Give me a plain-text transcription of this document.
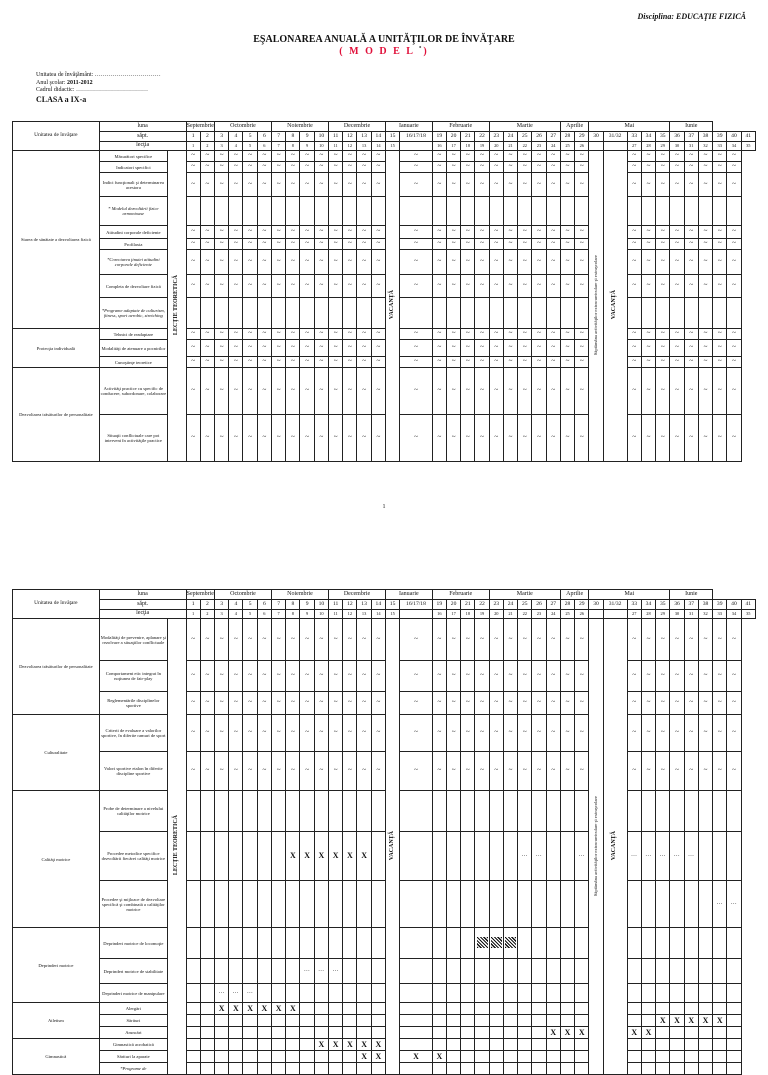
Disciplina: EDUCAŢIE FIZICĂ
EŞALONAREA ANUALĂ A UNITĂŢILOR DE ÎNVĂŢARE
( M O D E L *)
Unitatea de învăţământ: ……………………………
Anul şcolar: 2011-2012
Cadrul didactic: ………………………………
CLASA a IX-a
Unitatea de învăţare	luna		Septembrie		Octombrie				Noiembrie				Decembrie				Ianuarie		Februarie				Martie					Aprilie		Mai					Iunie					
	săpt.		1	2	3	4	5	6	7	8	9	10	11	12	13	14	15	16/17/18	19	20	21	22	23	24	25	26	27	28	29	30	31/32	33	34	35	36	37	38	39	40	41
	lecţia		1	2	3	4	5	6	7	8	9	10	11	12	13	14	15		16	17	18	19	20	21	22	23	24	25	26			27	28	29	30	31	32	33	34	35
Starea de sănătate a dezvoltarea fizică	Măsurători specifice	LECŢIE TEORETICĂ	~	~	~	~	~	~	~	~	~	~	~	~	~	~	VACANŢĂ	~	~	~	~	~	~	~	~	~	~	~	~	Săptămâna activităţilor extracurriculare şi extraşcolare	VACANŢĂ	~	~	~	~	~	~	~	~	
	Indicatori specifici		~	~	~	~	~	~	~	~	~	~	~	~	~	~		~	~	~	~	~	~	~	~	~	~	~	~			~	~	~	~	~	~	~	~	
	Indici funcţionali şi determinarea acestora		~	~	~	~	~	~	~	~	~	~	~	~	~	~		~	~	~	~	~	~	~	~	~	~	~	~			~	~	~	~	~	~	~	~	
	* Modelul dezvoltării fizice armonioase																																							
	Atitudini corporale deficiente		~	~	~	~	~	~	~	~	~	~	~	~	~	~		~	~	~	~	~	~	~	~	~	~	~	~			~	~	~	~	~	~	~	~	
	Profilaxia		~	~	~	~	~	~	~	~	~	~	~	~	~	~		~	~	~	~	~	~	~	~	~	~	~	~			~	~	~	~	~	~	~	~	
	*Corectarea ţinutei atitudini corporale deficiente		~	~	~	~	~	~	~	~	~	~	~	~	~	~		~	~	~	~	~	~	~	~	~	~	~	~			~	~	~	~	~	~	~	~	
	Completa de dezvoltare fizică		~	~	~	~	~	~	~	~	~	~	~	~	~	~		~	~	~	~	~	~	~	~	~	~	~	~			~	~	~	~	~	~	~	~	
	*Programe adaptate de culturism, fitness, sport aerobic, stretching																																							
Protecţia individuală	Tehnici de readaptare		~	~	~	~	~	~	~	~	~	~	~	~	~	~		~	~	~	~	~	~	~	~	~	~	~	~			~	~	~	~	~	~	~	~	
	Modalităţi de atenuare a pocnirilor		~	~	~	~	~	~	~	~	~	~	~	~	~	~		~	~	~	~	~	~	~	~	~	~	~	~			~	~	~	~	~	~	~	~	
	Cunoştinţe teoretice		~	~	~	~	~	~	~	~	~	~	~	~	~	~		~	~	~	~	~	~	~	~	~	~	~	~			~	~	~	~	~	~	~	~	
Dezvoltarea trăsăturilor de personalitate	Activităţi practice cu specific de conducere, subordonare, colaborare		~	~	~	~	~	~	~	~	~	~	~	~	~	~		~	~	~	~	~	~	~	~	~	~	~	~			~	~	~	~	~	~	~	~	
	Situaţii conflictuale care pot interveni în activităţile practice		~	~	~	~	~	~	~	~	~	~	~	~	~	~		~	~	~	~	~	~	~	~	~	~	~	~			~	~	~	~	~	~	~	~	
1
Unitatea de învăţare	luna		Septembrie		Octombrie				Noiembrie				Decembrie				Ianuarie		Februarie				Martie					Aprilie		Mai					Iunie					
	săpt.		1	2	3	4	5	6	7	8	9	10	11	12	13	14	15	16/17/18	19	20	21	22	23	24	25	26	27	28	29	30	31/32	33	34	35	36	37	38	39	40	41
	lecţia		1	2	3	4	5	6	7	8	9	10	11	12	13	14	15		16	17	18	19	20	21	22	23	24	25	26			27	28	29	30	31	32	33	34	35
Dezvoltarea trăsăturilor de personalitate	Modalităţi de prevenire, aplanare şi rezolvare a situaţiilor conflictuale	LECŢIE TEORETICĂ	~	~	~	~	~	~	~	~	~	~	~	~	~	~	VACANŢĂ	~	~	~	~	~	~	~	~	~	~	~	~	Săptămâna activităţilor extracurriculare şi extraşcolare	VACANŢĂ	~	~	~	~	~	~	~	~	
	Comportament etic integrat în noţiunea de fair-play		~	~	~	~	~	~	~	~	~	~	~	~	~	~		~	~	~	~	~	~	~	~	~	~	~	~			~	~	~	~	~	~	~	~	
	Reglementările disciplinelor sportive		~	~	~	~	~	~	~	~	~	~	~	~	~	~		~	~	~	~	~	~	~	~	~	~	~	~			~	~	~	~	~	~	~	~	
Culturalitate	Criterii de evaluare a valorilor sportive, în diferite ramuri de sport		~	~	~	~	~	~	~	~	~	~	~	~	~	~		~	~	~	~	~	~	~	~	~	~	~	~			~	~	~	~	~	~	~	~	
	Valori sportive etalon în diferite discipline sportive		~	~	~	~	~	~	~	~	~	~	~	~	~	~		~	~	~	~	~	~	~	~	~	~	~	~			~	~	~	~	~	~	~	~	
Calităţi motrice	Probe de determinare a nivelului calităţilor motrice																																							
	Procedee metodice specifice dezvoltării fiecărei calităţi motrice									X	X	X	X	X	X										…	…			…			…	…	…	…	…				
	Procedee şi mijloace de dezvoltare specifică şi combinată a calităţilor motrice																																					…	…	
Deprinderi motrice	Deprinderi motrice de locomoţie																																							
	Deprinderi motrice de stabilitate										…	…	…																											
	Deprinderi motrice de manipulare				…	…	…																																	
Atletism	Alergări				X	X	X	X	X	X																														
	Sărituri																																	X	X	X	X	X		
	Aruncări																										X	X	X			X	X							
Gimnastică	Gimnastică acrobatică											X	X	X	X	X																								
	Sărituri la aparate														X	X		X	X																					
	*Programe de																																							
